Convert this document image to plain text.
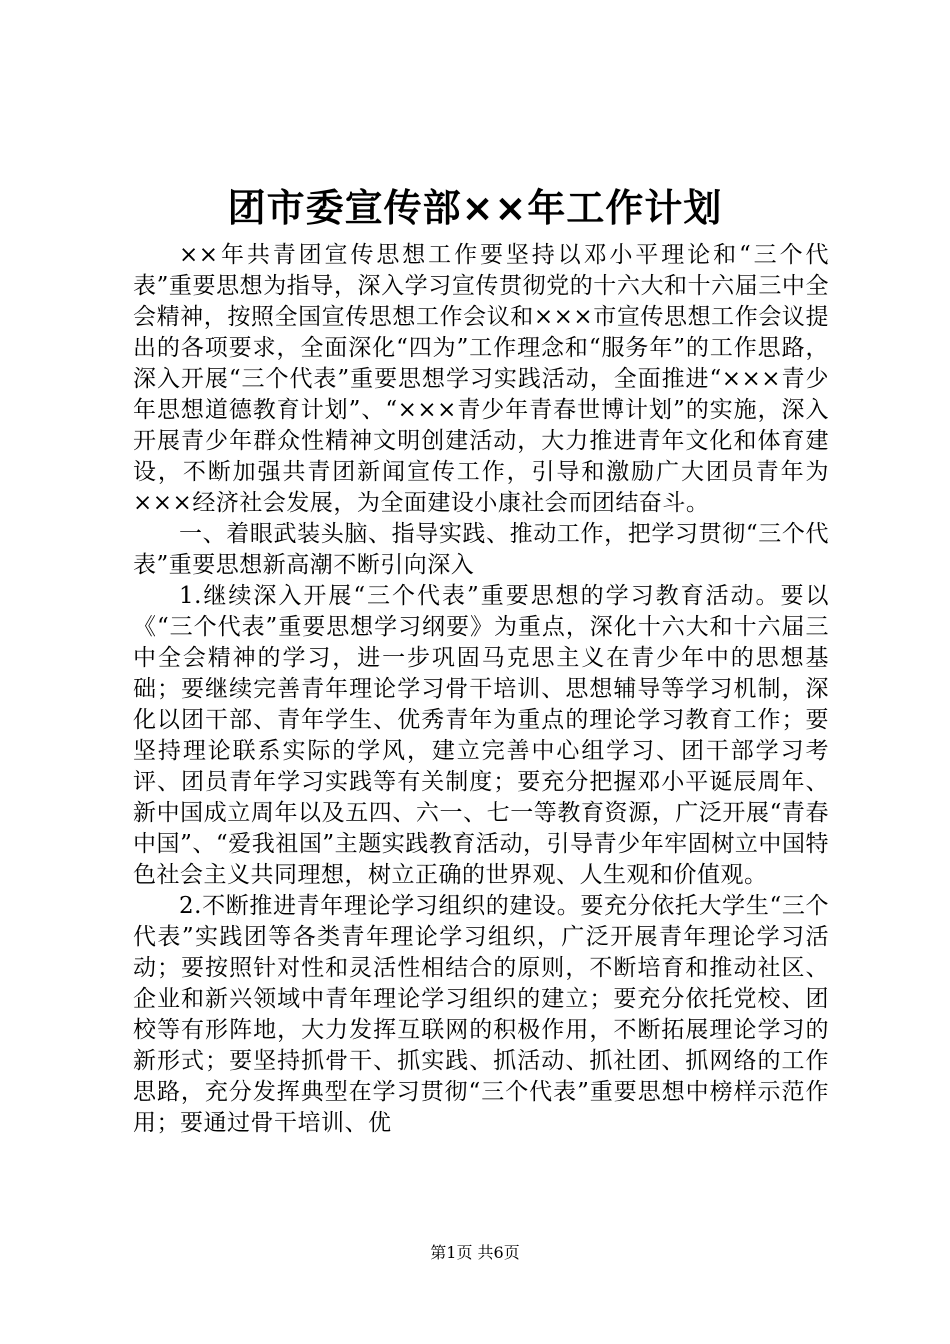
团市委宣传部××年工作计划

××年共青团宣传思想工作要坚持以邓小平理论和“三个代表”重要思想为指导，深入学习宣传贯彻党的十六大和十六届三中全会精神，按照全国宣传思想工作会议和×××市宣传思想工作会议提出的各项要求，全面深化“四为”工作理念和“服务年”的工作思路，深入开展“三个代表”重要思想学习实践活动，全面推进“×××青少年思想道德教育计划”、“×××青少年青春世博计划”的实施，深入开展青少年群众性精神文明创建活动，大力推进青年文化和体育建设，不断加强共青团新闻宣传工作，引导和激励广大团员青年为×××经济社会发展，为全面建设小康社会而团结奋斗。

一、着眼武装头脑、指导实践、推动工作，把学习贯彻“三个代表”重要思想新高潮不断引向深入

1.继续深入开展“三个代表”重要思想的学习教育活动。要以《“三个代表”重要思想学习纲要》为重点，深化十六大和十六届三中全会精神的学习，进一步巩固马克思主义在青少年中的思想基础；要继续完善青年理论学习骨干培训、思想辅导等学习机制，深化以团干部、青年学生、优秀青年为重点的理论学习教育工作；要坚持理论联系实际的学风，建立完善中心组学习、团干部学习考评、团员青年学习实践等有关制度；要充分把握邓小平诞辰周年、新中国成立周年以及五四、六一、七一等教育资源，广泛开展“青春中国”、“爱我祖国”主题实践教育活动，引导青少年牢固树立中国特色社会主义共同理想，树立正确的世界观、人生观和价值观。

2.不断推进青年理论学习组织的建设。要充分依托大学生“三个代表”实践团等各类青年理论学习组织，广泛开展青年理论学习活动；要按照针对性和灵活性相结合的原则，不断培育和推动社区、企业和新兴领域中青年理论学习组织的建立；要充分依托党校、团校等有形阵地，大力发挥互联网的积极作用，不断拓展理论学习的新形式；要坚持抓骨干、抓实践、抓活动、抓社团、抓网络的工作思路，充分发挥典型在学习贯彻“三个代表”重要思想中榜样示范作用；要通过骨干培训、优

第1页 共6页
